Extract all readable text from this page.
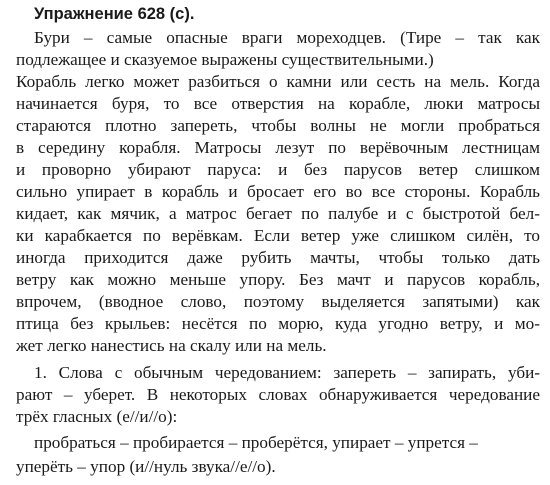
Упражнение 628 (с).
Бури – самые опасные враги мореходцев. (Тире – так как
подлежащее и сказуемое выражены существительными.)
Корабль легко может разбиться о камни или сесть на мель. Когда
начинается буря, то все отверстия на корабле, люки матросы
стараются плотно запереть, чтобы волны не могли пробраться
в середину корабля. Матросы лезут по верёвочным лестницам
и проворно убирают паруса: и без парусов ветер слишком
сильно упирает в корабль и бросает его во все стороны. Корабль
кидает, как мячик, а матрос бегает по палубе и с быстротой бел-
ки карабкается по верёвкам. Если ветер уже слишком силён, то
иногда приходится даже рубить мачты, чтобы только дать
ветру как можно меньше упору. Без мачт и парусов корабль,
впрочем, (вводное слово, поэтому выделяется запятыми) как
птица без крыльев: несётся по морю, куда угодно ветру, и мо-
жет легко нанестись на скалу или на мель.
1. Слова с обычным чередованием: запереть – запирать, уби-
рают – уберет. В некоторых словах обнаруживается чередование
трёх гласных (е//и//о):
пробраться – пробирается – проберётся, упирает – упрется –
уперёть – упор (и//нуль звука//е//о).
